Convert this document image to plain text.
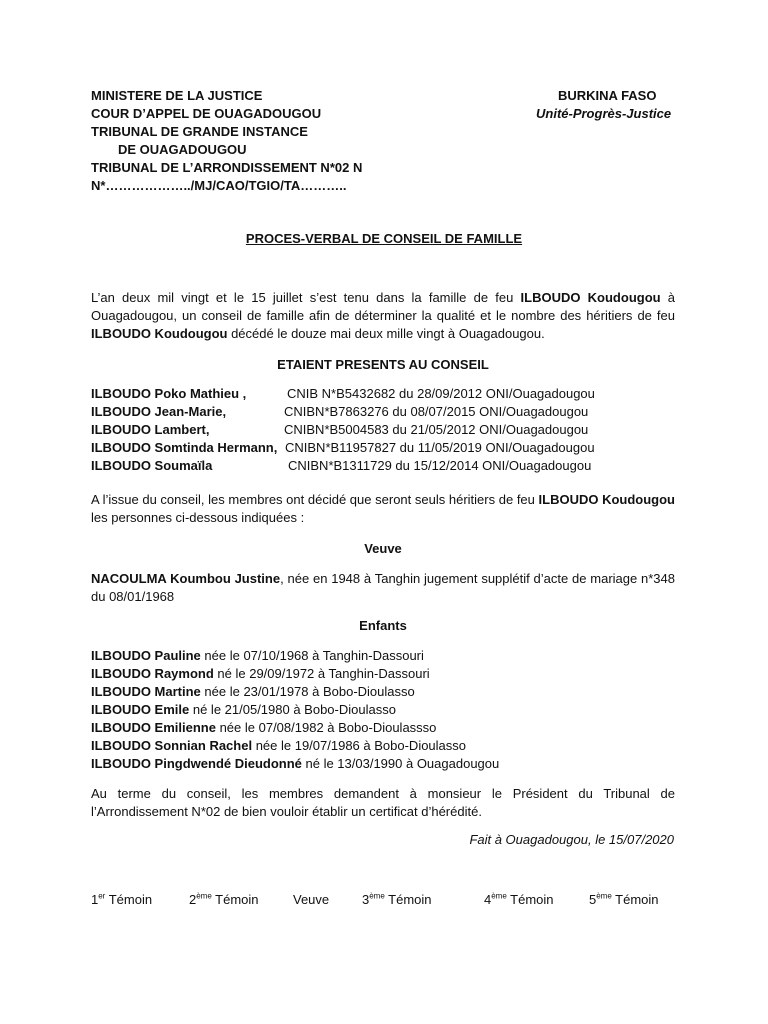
MINISTERE DE LA JUSTICE
COUR D’APPEL DE OUAGADOUGOU
TRIBUNAL DE GRANDE INSTANCE
DE OUAGADOUGOU
TRIBUNAL DE L’ARRONDISSEMENT N*02 N
N*………………../MJ/CAO/TGIO/TA………..
BURKINA FASO
Unité-Progrès-Justice
PROCES-VERBAL DE CONSEIL DE FAMILLE
L’an deux mil vingt et le 15 juillet s’est tenu dans la famille de feu ILBOUDO Koudougou à Ouagadougou, un conseil de famille afin de déterminer la qualité et le nombre des héritiers de feu ILBOUDO Koudougou décédé le douze mai deux mille vingt à Ouagadougou.
ETAIENT PRESENTS AU CONSEIL
ILBOUDO Poko Mathieu ,	CNIB N*B5432682 du 28/09/2012 ONI/Ouagadougou
ILBOUDO Jean-Marie,	CNIBN*B7863276 du 08/07/2015 ONI/Ouagadougou
ILBOUDO Lambert,	CNIBN*B5004583 du 21/05/2012 ONI/Ouagadougou
ILBOUDO Somtinda Hermann, CNIBN*B11957827 du 11/05/2019 ONI/Ouagadougou
ILBOUDO Soumaïla	CNIBN*B1311729 du 15/12/2014 ONI/Ouagadougou
A l’issue du conseil, les membres ont décidé que seront seuls héritiers de feu ILBOUDO Koudougou les personnes ci-dessous indiquées :
Veuve
NACOULMA Koumbou Justine, née en 1948 à Tanghin jugement supplétif d’acte de mariage n*348 du 08/01/1968
Enfants
ILBOUDO Pauline née le 07/10/1968 à Tanghin-Dassouri
ILBOUDO Raymond né le 29/09/1972 à Tanghin-Dassouri
ILBOUDO Martine née le 23/01/1978 à Bobo-Dioulasso
ILBOUDO Emile né le 21/05/1980 à Bobo-Dioulasso
ILBOUDO Emilienne née le 07/08/1982 à Bobo-Dioulassso
ILBOUDO Sonnian Rachel née le 19/07/1986 à Bobo-Dioulasso
ILBOUDO Pingdwendé Dieudonné né le 13/03/1990 à Ouagadougou
Au terme du conseil, les membres demandent à monsieur le Président du Tribunal de l’Arrondissement N*02 de bien vouloir établir un certificat d’hérédité.
Fait à Ouagadougou, le 15/07/2020
1er Témoin	2ème Témoin	Veuve	3ème Témoin	4ème Témoin	5ème Témoin
